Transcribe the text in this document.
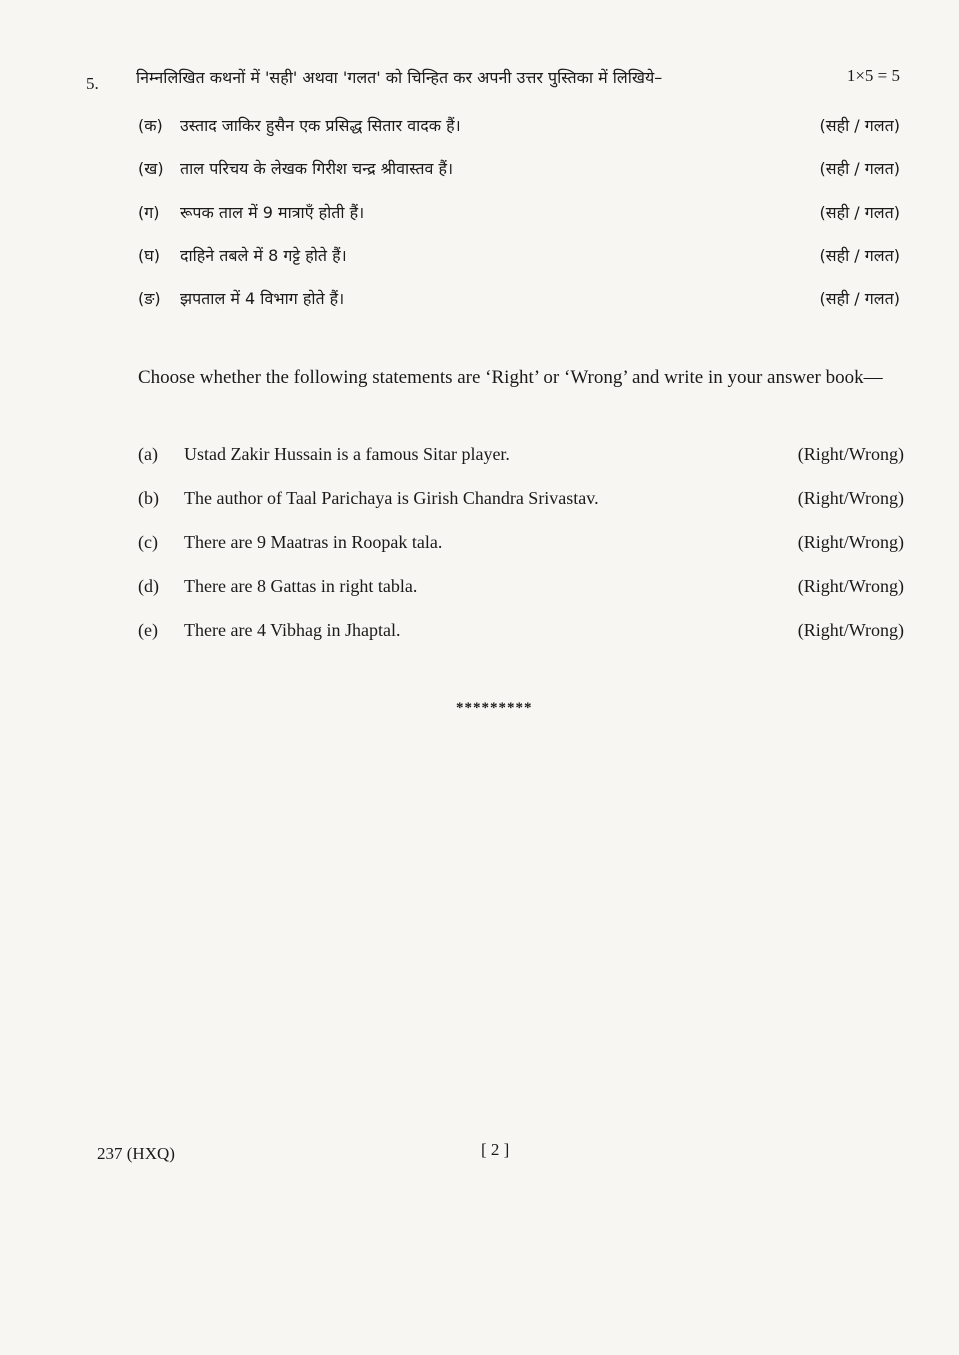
5. निम्नलिखित कथनों में 'सही' अथवा 'गलत' को चिन्हित कर अपनी उत्तर पुस्तिका में लिखिये–	1×5 = 5
(क) उस्ताद जाकिर हुसैन एक प्रसिद्ध सितार वादक हैं।	(सही / गलत)
(ख) ताल परिचय के लेखक गिरीश चन्द्र श्रीवास्तव हैं।	(सही / गलत)
(ग) रूपक ताल में 9 मात्राएँ होती हैं।	(सही / गलत)
(घ) दाहिने तबले में 8 गट्टे होते हैं।	(सही / गलत)
(ङ) झपताल में 4 विभाग होते हैं।	(सही / गलत)
Choose whether the following statements are ‘Right’ or ‘Wrong’ and write in your answer book—
(a) Ustad Zakir Hussain is a famous Sitar player.	(Right/Wrong)
(b) The author of Taal Parichaya is Girish Chandra Srivastav.	(Right/Wrong)
(c) There are 9 Maatras in Roopak tala.	(Right/Wrong)
(d) There are 8 Gattas in right tabla.	(Right/Wrong)
(e) There are 4 Vibhag in Jhaptal.	(Right/Wrong)
*********
237 (HXQ)	[ 2 ]
